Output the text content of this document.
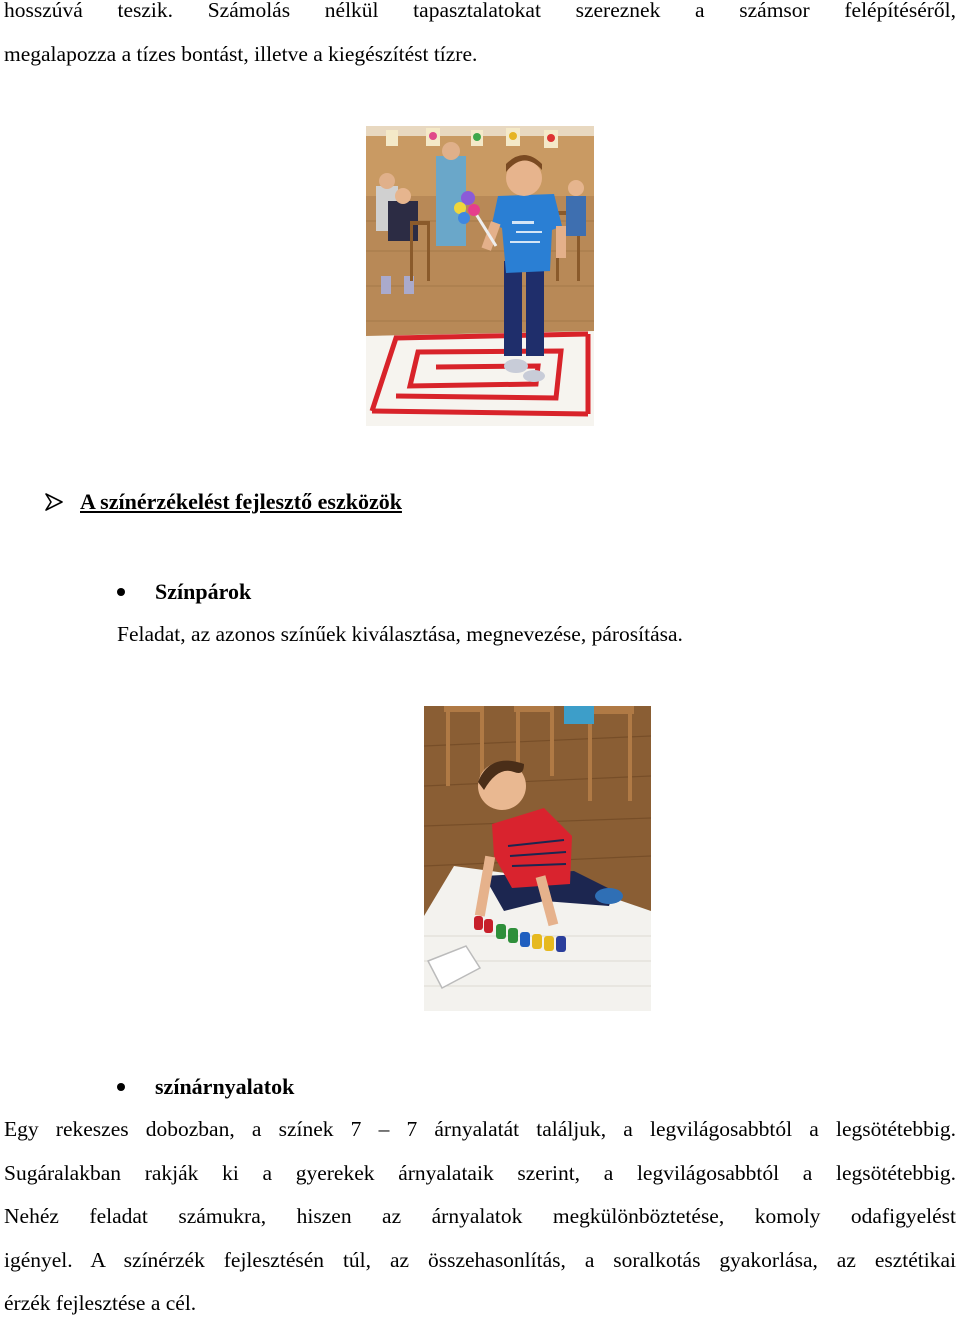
hosszúvá teszik. Számolás nélkül tapasztalatokat szereznek a számsor felépítéséről,
megalapozza a tízes bontást, illetve a kiegészítést tízre.
A színérzékelést fejlesztő eszközök
Színpárok

Feladat, az azonos színűek kiválasztása, megnevezése, párosítása.

színárnyalatok
Egy rekeszes dobozban, a színek 7 – 7 árnyalatát találjuk, a legvilágosabbtól a legsötétebbig.
Sugáralakban rakják ki a gyerekek árnyalataik szerint, a legvilágosabbtól a legsötétebbig.
Nehéz feladat számukra, hiszen az árnyalatok megkülönböztetése, komoly odafigyelést
igényel. A színérzék fejlesztésén túl, az összehasonlítás, a soralkotás gyakorlása, az esztétikai
érzék fejlesztése a cél.
